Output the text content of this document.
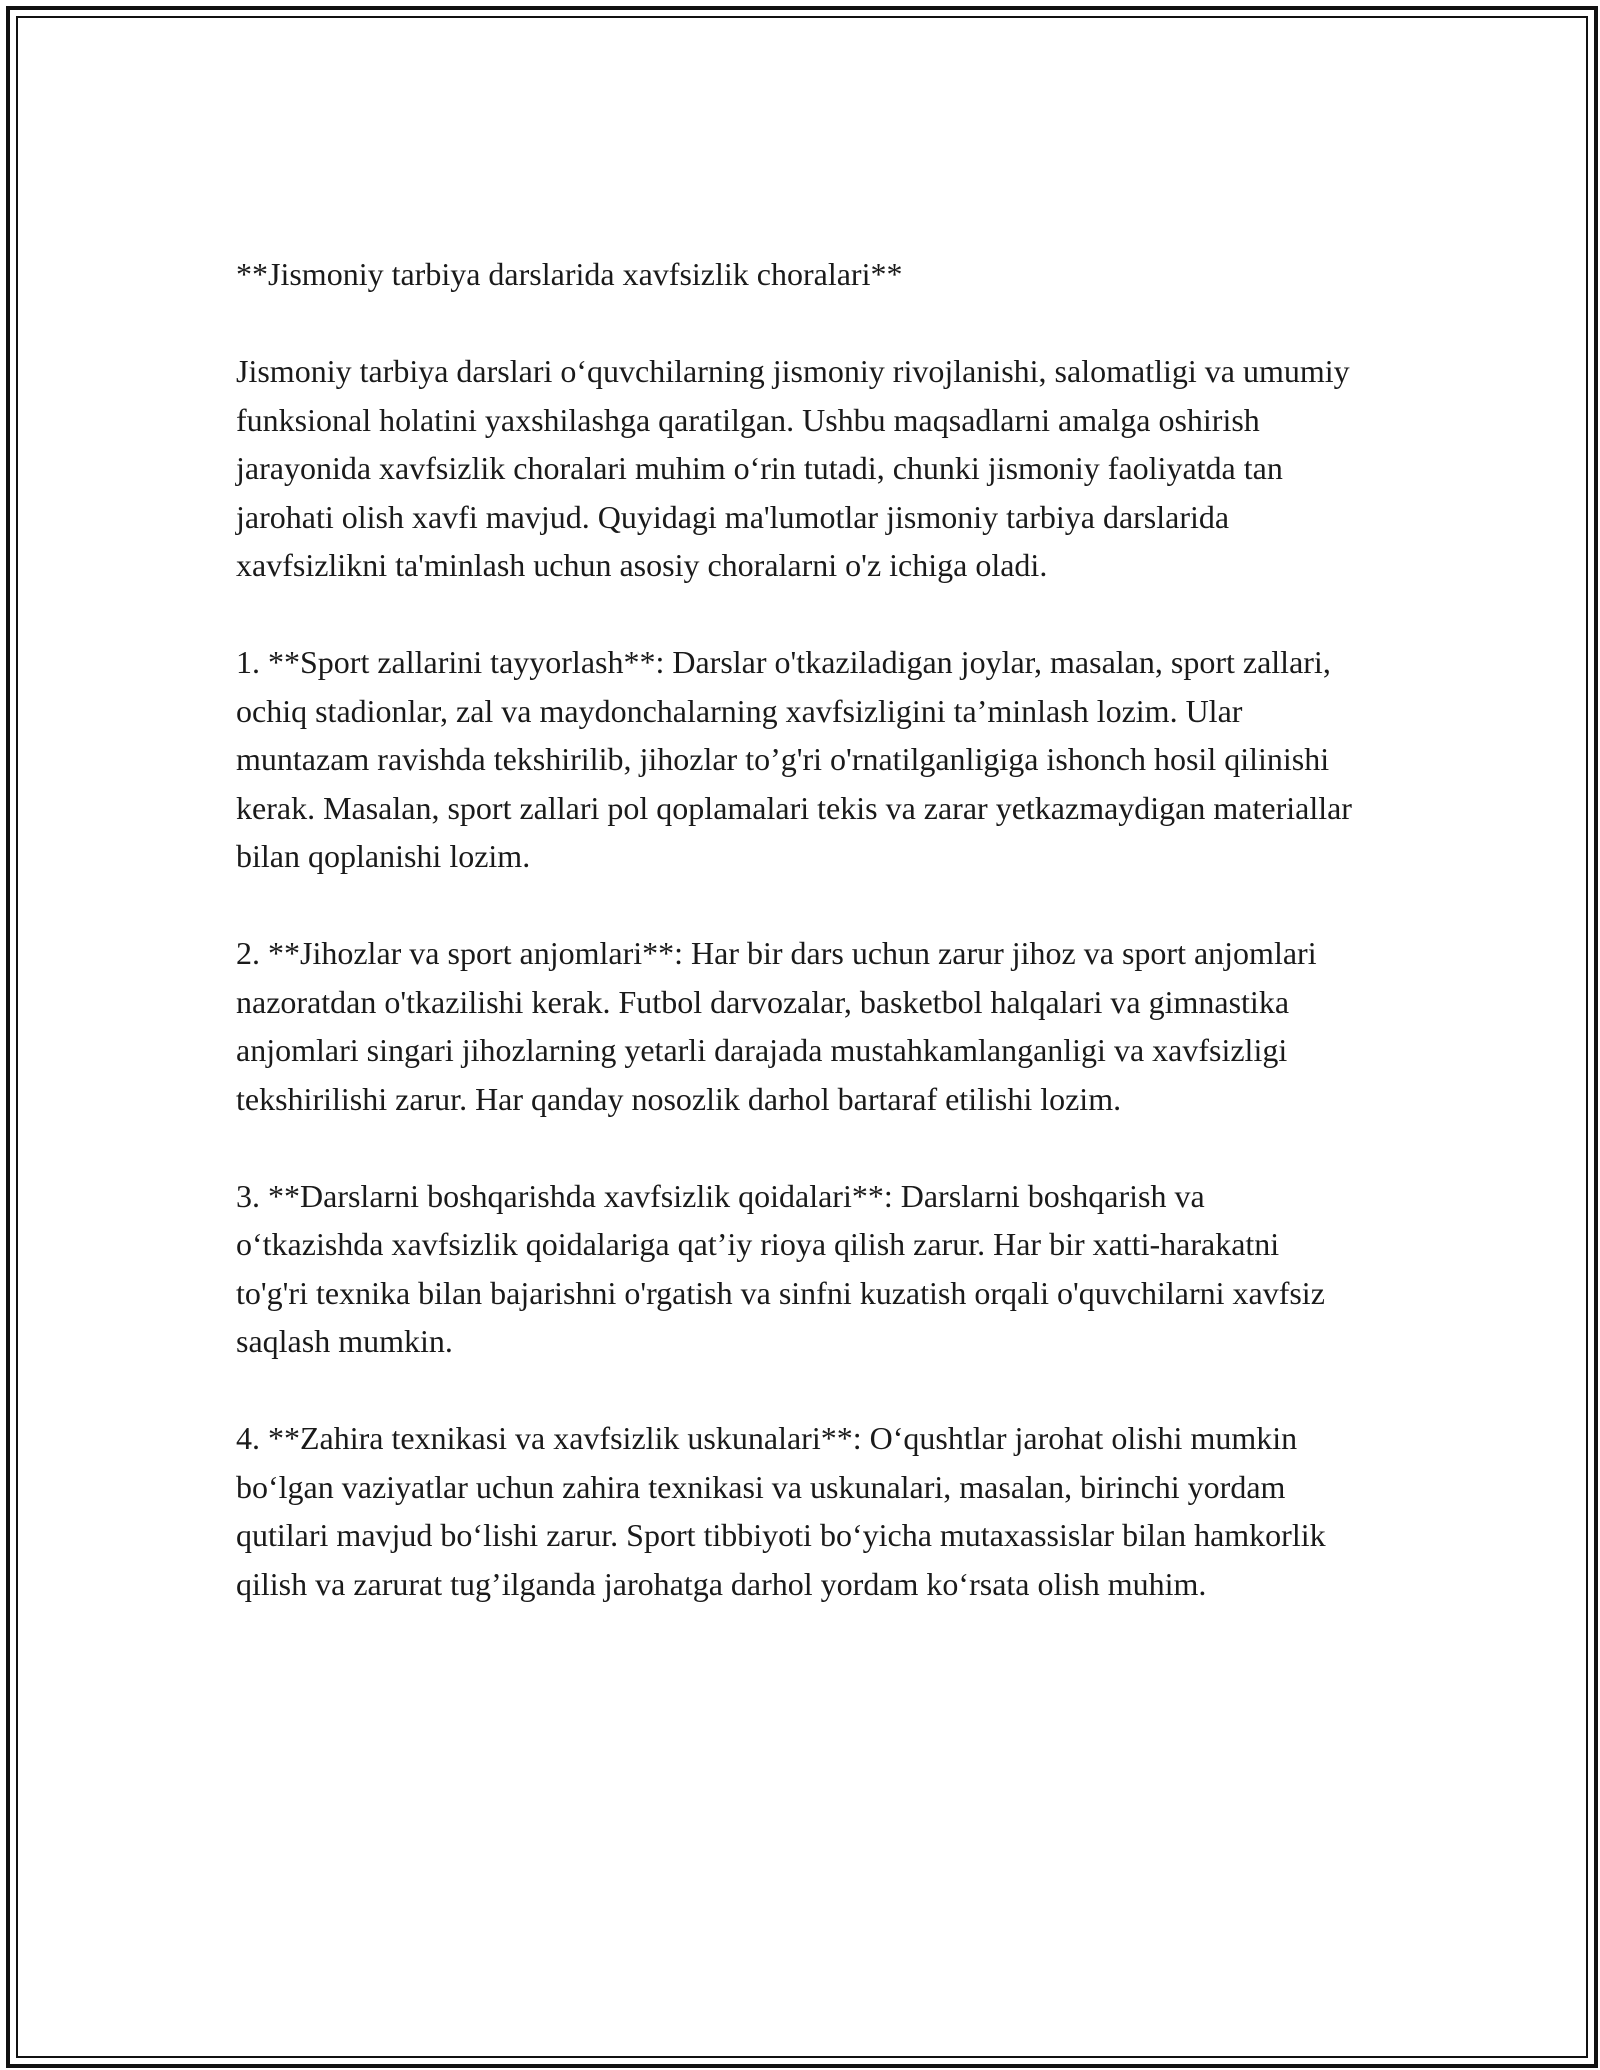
**Jismoniy tarbiya darslarida xavfsizlik choralari**

Jismoniy tarbiya darslari o‘quvchilarning jismoniy rivojlanishi, salomatligi va umumiy funksional holatini yaxshilashga qaratilgan. Ushbu maqsadlarni amalga oshirish jarayonida xavfsizlik choralari muhim o‘rin tutadi, chunki jismoniy faoliyatda tan jarohati olish xavfi mavjud. Quyidagi ma'lumotlar jismoniy tarbiya darslarida xavfsizlikni ta'minlash uchun asosiy choralarni o'z ichiga oladi.

1. **Sport zallarini tayyorlash**: Darslar o'tkaziladigan joylar, masalan, sport zallari, ochiq stadionlar, zal va maydonchalarning xavfsizligini ta’minlash lozim. Ular muntazam ravishda tekshirilib, jihozlar to’g'ri o'rnatilganligiga ishonch hosil qilinishi kerak. Masalan, sport zallari pol qoplamalari tekis va zarar yetkazmaydigan materiallar bilan qoplanishi lozim.

2. **Jihozlar va sport anjomlari**: Har bir dars uchun zarur jihoz va sport anjomlari nazoratdan o'tkazilishi kerak. Futbol darvozalar, basketbol halqalari va gimnastika anjomlari singari jihozlarning yetarli darajada mustahkamlanganligi va xavfsizligi tekshirilishi zarur. Har qanday nosozlik darhol bartaraf etilishi lozim.

3. **Darslarni boshqarishda xavfsizlik qoidalari**: Darslarni boshqarish va o‘tkazishda xavfsizlik qoidalariga qat’iy rioya qilish zarur. Har bir xatti-harakatni to'g'ri texnika bilan bajarishni o'rgatish va sinfni kuzatish orqali o'quvchilarni xavfsiz saqlash mumkin.

4. **Zahira texnikasi va xavfsizlik uskunalari**: O‘qushtlar jarohat olishi mumkin bo‘lgan vaziyatlar uchun zahira texnikasi va uskunalari, masalan, birinchi yordam qutilari mavjud bo‘lishi zarur. Sport tibbiyoti bo‘yicha mutaxassislar bilan hamkorlik qilish va zarurat tug’ilganda jarohatga darhol yordam ko‘rsata olish muhim.
